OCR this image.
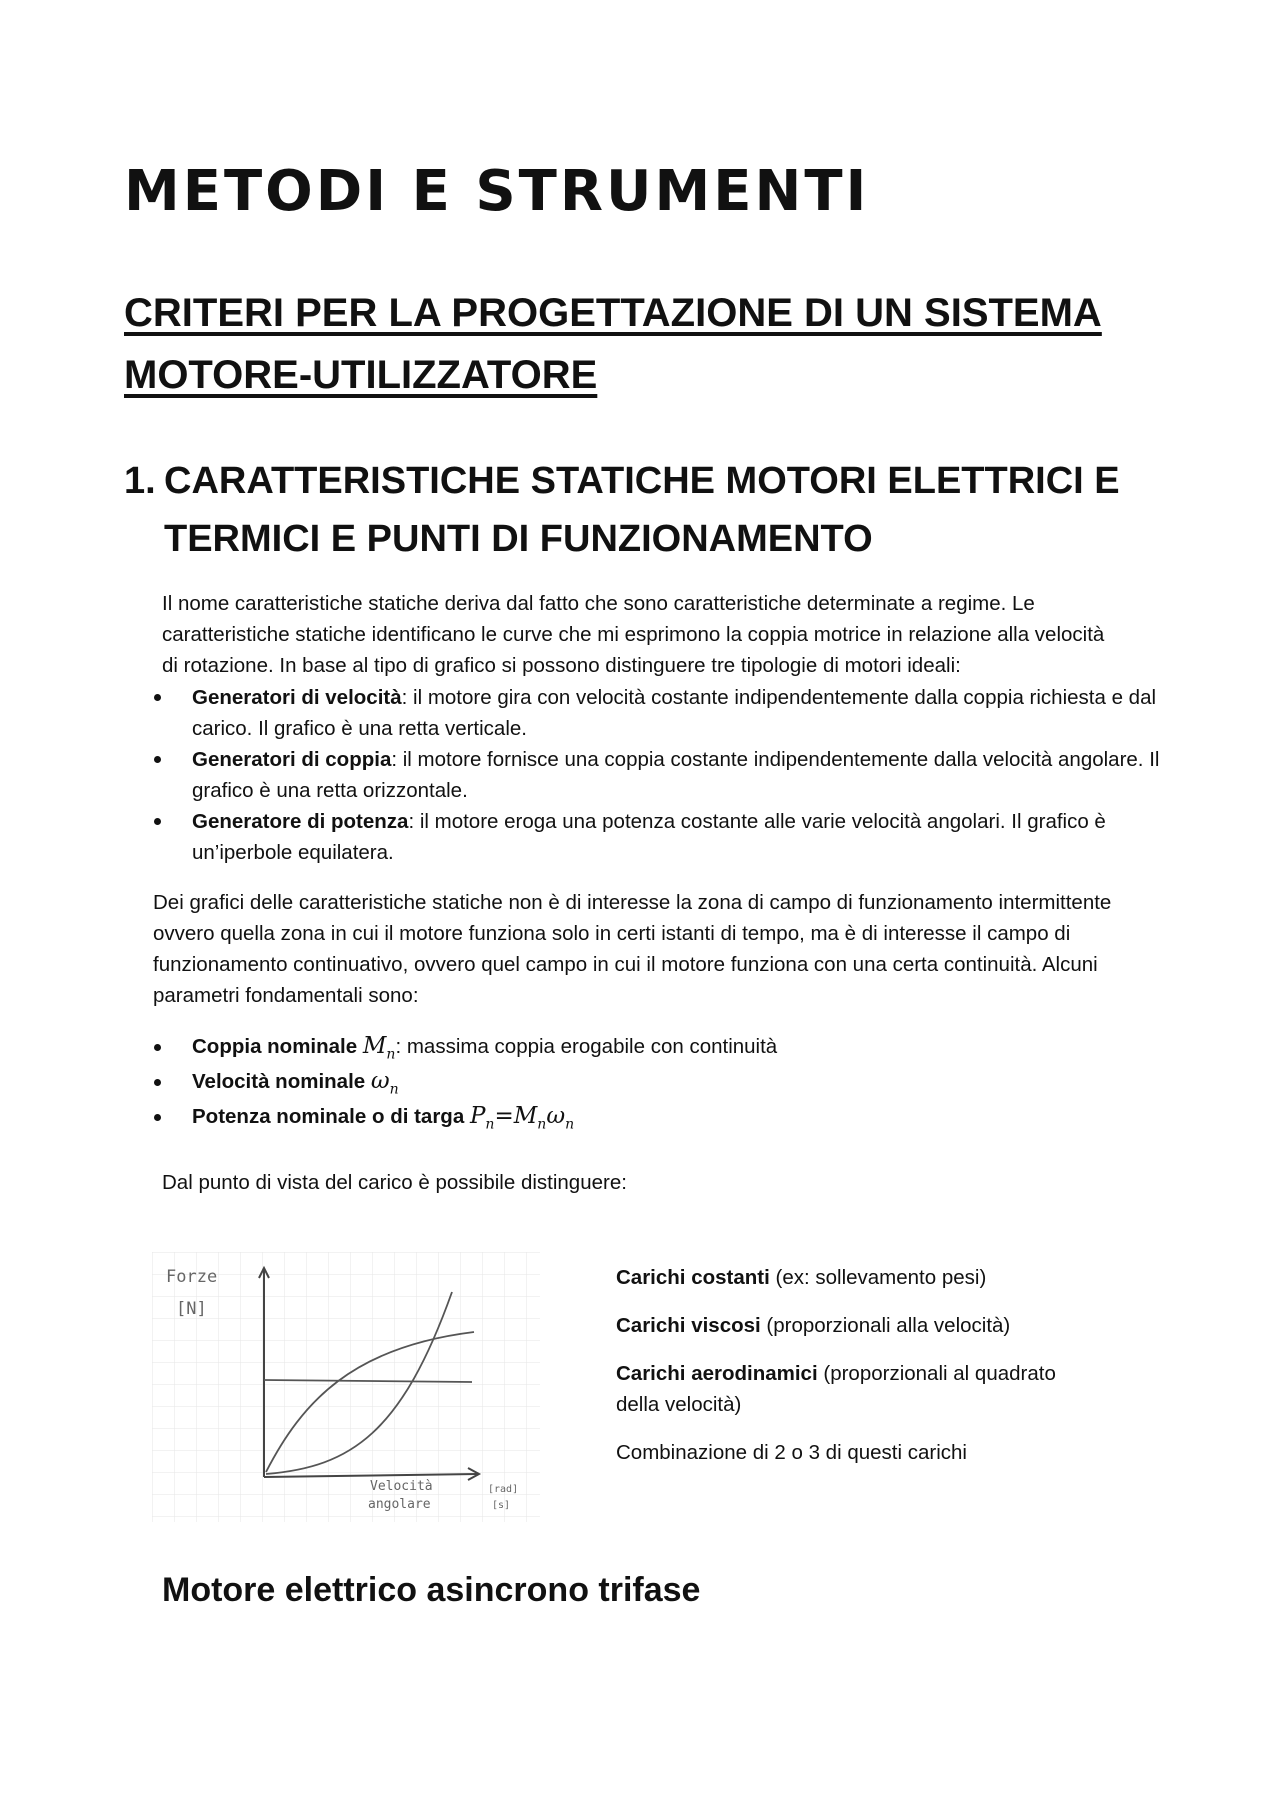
METODI E STRUMENTI
CRITERI PER LA PROGETTAZIONE DI UN SISTEMA
MOTORE-UTILIZZATORE
1. CARATTERISTICHE STATICHE MOTORI ELETTRICI E
TERMICI E PUNTI DI FUNZIONAMENTO

Il nome caratteristiche statiche deriva dal fatto che sono caratteristiche determinate a regime. Le caratteristiche statiche identificano le curve che mi esprimono la coppia motrice in relazione alla velocità di rotazione. In base al tipo di grafico si possono distinguere tre tipologie di motori ideali:

Generatori di velocità: il motore gira con velocità costante indipendentemente dalla coppia richiesta e dal carico. Il grafico è una retta verticale.
Generatori di coppia: il motore fornisce una coppia costante indipendentemente dalla velocità angolare. Il grafico è una retta orizzontale.
Generatore di potenza: il motore eroga una potenza costante alle varie velocità angolari. Il grafico è un’iperbole equilatera.

Dei grafici delle caratteristiche statiche non è di interesse la zona di campo di funzionamento intermittente ovvero quella zona in cui il motore funziona solo in certi istanti di tempo, ma è di interesse il campo di funzionamento continuativo, ovvero quel campo in cui il motore funziona con una certa continuità. Alcuni parametri fondamentali sono:

Coppia nominale $M_n$: massima coppia erogabile con continuità
Velocità nominale $\omega_n$
Potenza nominale o di targa $P_n=M_n\omega_n$

Dal punto di vista del carico è possibile distinguere:

Forze
[N]
Velocità
angolare
[rad]
[s]
Carichi costanti (ex: sollevamento pesi)
Carichi viscosi (proporzionali alla velocità)
Carichi aerodinamici (proporzionali al quadrato della velocità)
Combinazione di 2 o 3 di questi carichi
Motore elettrico asincrono trifase
